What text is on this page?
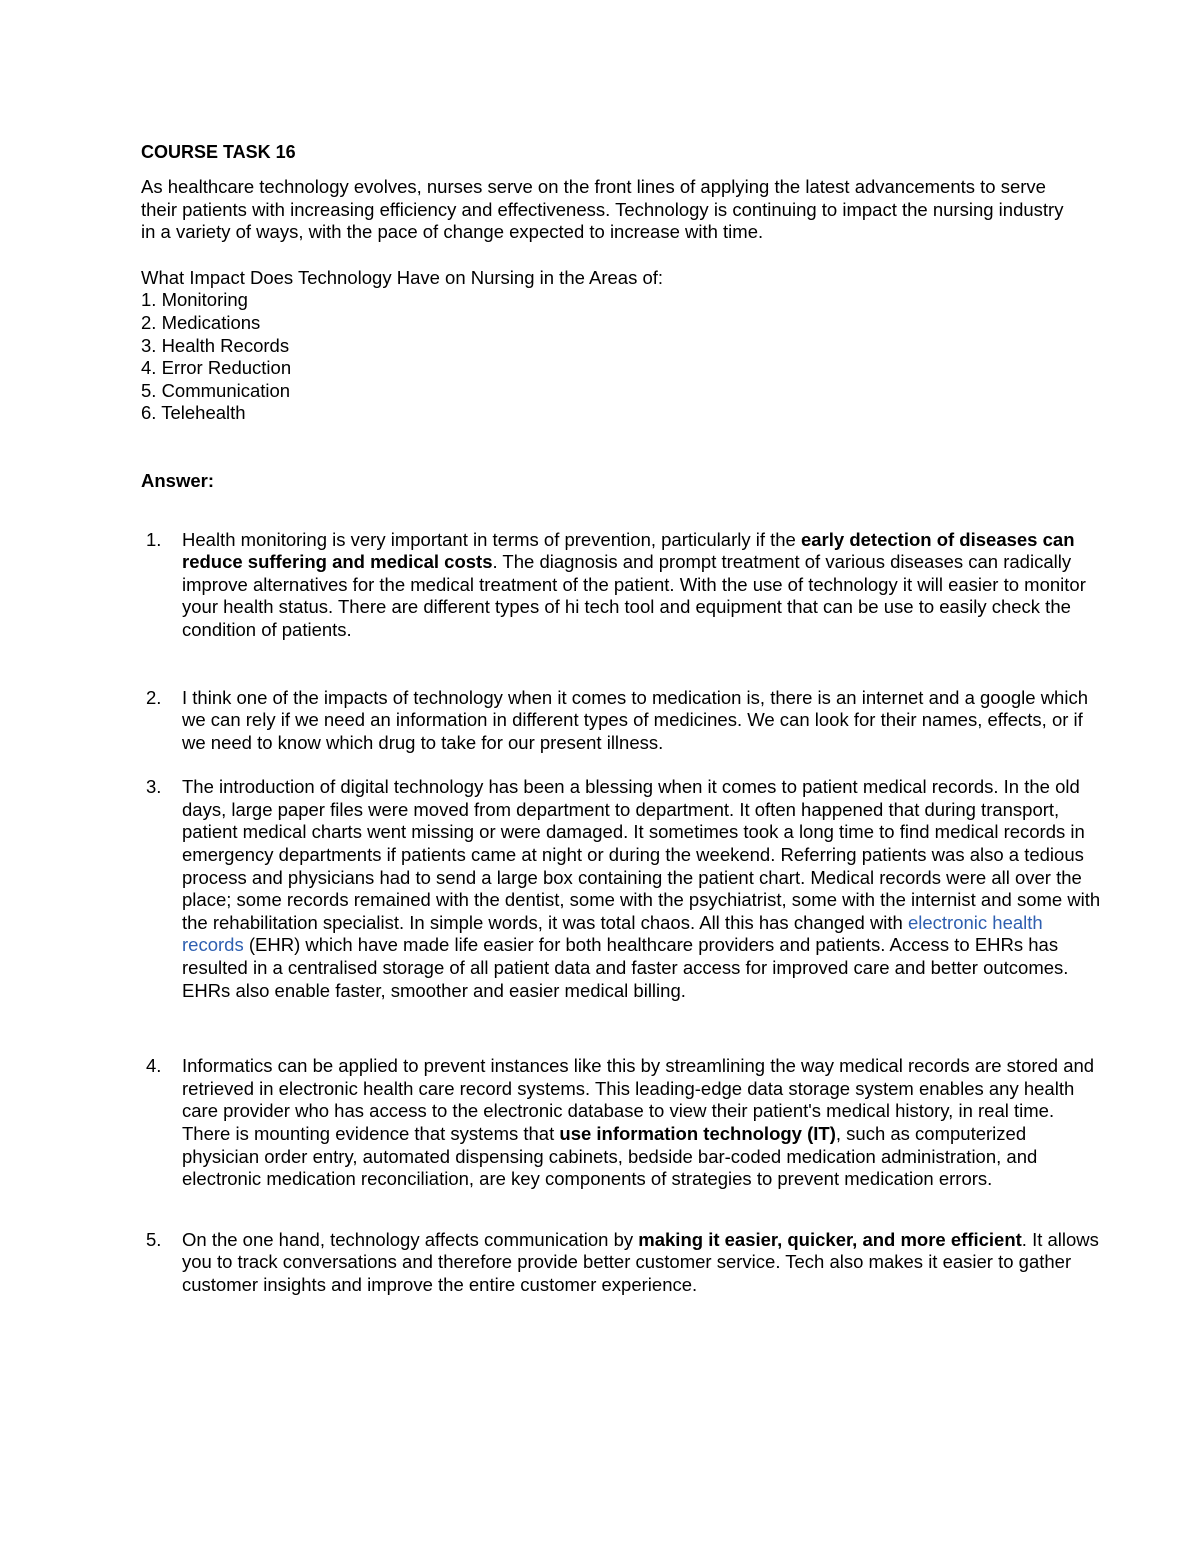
COURSE TASK 16

As healthcare technology evolves, nurses serve on the front lines of applying the latest advancements to serve their patients with increasing efficiency and effectiveness. Technology is continuing to impact the nursing industry in a variety of ways, with the pace of change expected to increase with time.

What Impact Does Technology Have on Nursing in the Areas of:

1. Monitoring
2. Medications
3. Health Records
4. Error Reduction
5. Communication
6. Telehealth

Answer:

1. Health monitoring is very important in terms of prevention, particularly if the early detection of diseases can reduce suffering and medical costs. The diagnosis and prompt treatment of various diseases can radically improve alternatives for the medical treatment of the patient. With the use of technology it will easier to monitor your health status. There are different types of hi tech tool and equipment that can be use to easily check the condition of patients.
2. I think one of the impacts of technology when it comes to medication is, there is an internet and a google which we can rely if we need an information in different types of medicines. We can look for their names, effects, or if we need to know which drug to take for our present illness.
3. The introduction of digital technology has been a blessing when it comes to patient medical records. In the old days, large paper files were moved from department to department. It often happened that during transport, patient medical charts went missing or were damaged. It sometimes took a long time to find medical records in emergency departments if patients came at night or during the weekend. Referring patients was also a tedious process and physicians had to send a large box containing the patient chart. Medical records were all over the place; some records remained with the dentist, some with the psychiatrist, some with the internist and some with the rehabilitation specialist. In simple words, it was total chaos. All this has changed with electronic health records (EHR) which have made life easier for both healthcare providers and patients. Access to EHRs has resulted in a centralised storage of all patient data and faster access for improved care and better outcomes. EHRs also enable faster, smoother and easier medical billing.
4. Informatics can be applied to prevent instances like this by streamlining the way medical records are stored and retrieved in electronic health care record systems. This leading-edge data storage system enables any health care provider who has access to the electronic database to view their patient's medical history, in real time. There is mounting evidence that systems that use information technology (IT), such as computerized physician order entry, automated dispensing cabinets, bedside bar-coded medication administration, and electronic medication reconciliation, are key components of strategies to prevent medication errors.
5. On the one hand, technology affects communication by making it easier, quicker, and more efficient. It allows you to track conversations and therefore provide better customer service. Tech also makes it easier to gather customer insights and improve the entire customer experience.
